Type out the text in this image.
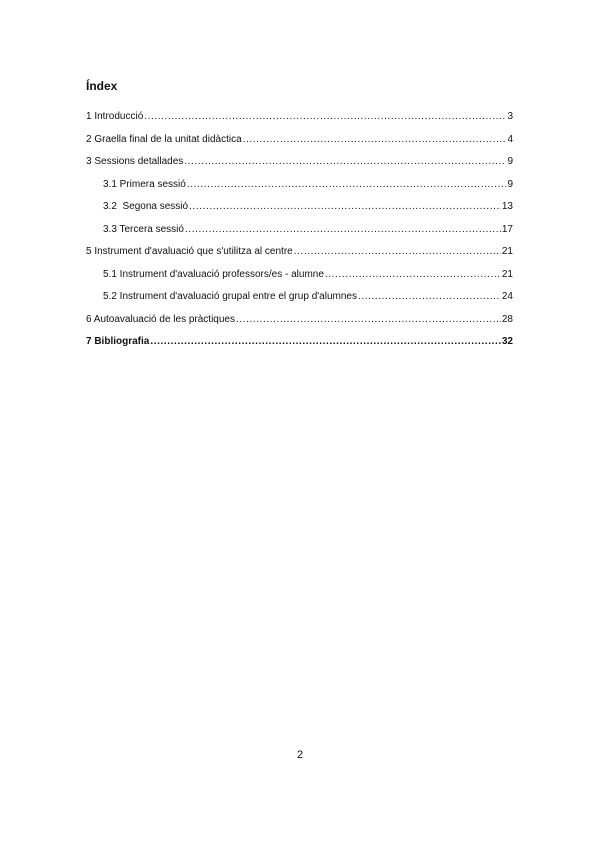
Índex
1 Introducció .....	3
2 Graella final de la unitat didàctica .....	4
3 Sessions detallades .....	9
3.1 Primera sessió .....	9
3.2  Segona sessió .....	13
3.3 Tercera sessió .....	17
5 Instrument d'avaluació que s'utilitza al centre .....	21
5.1 Instrument d'avaluació professors/es - alumne .....	21
5.2 Instrument d'avaluació grupal entre el grup d'alumnes .....	24
6 Autoavaluació de les pràctiques .....	28
7 Bibliografia .....	32
2
